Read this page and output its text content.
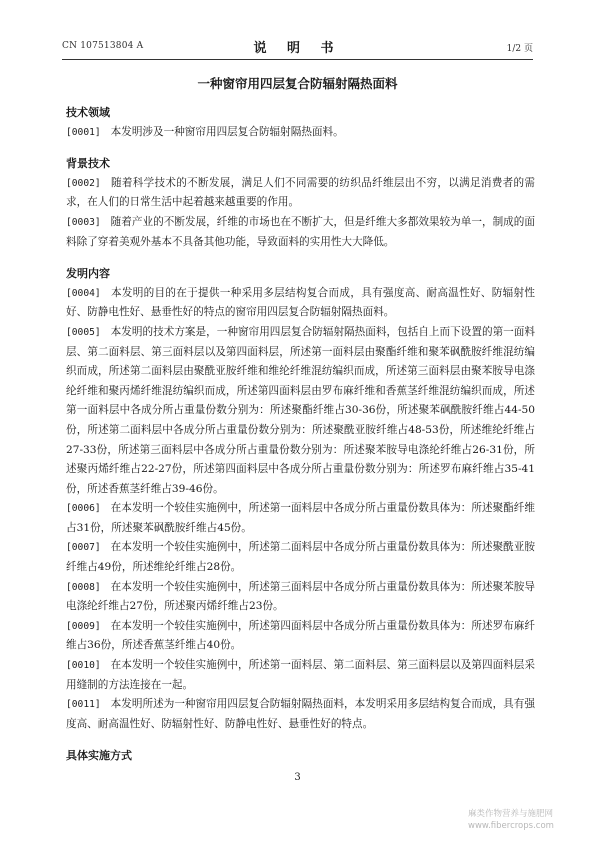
CN 107513804 A	说 明 书	1/2 页
一种窗帘用四层复合防辐射隔热面料
技术领域
[0001] 本发明涉及一种窗帘用四层复合防辐射隔热面料。
背景技术
[0002] 随着科学技术的不断发展，满足人们不同需要的纺织品纤维层出不穷，以满足消费者的需求，在人们的日常生活中起着越来越重要的作用。
[0003] 随着产业的不断发展，纤维的市场也在不断扩大，但是纤维大多都效果较为单一，制成的面料除了穿着美观外基本不具备其他功能，导致面料的实用性大大降低。
发明内容
[0004] 本发明的目的在于提供一种采用多层结构复合而成，具有强度高、耐高温性好、防辐射性好、防静电性好、悬垂性好的特点的窗帘用四层复合防辐射隔热面料。
[0005] 本发明的技术方案是，一种窗帘用四层复合防辐射隔热面料，包括自上而下设置的第一面料层、第二面料层、第三面料层以及第四面料层，所述第一面料层由聚酯纤维和聚苯砜酰胺纤维混纺编织而成，所述第二面料层由聚酰亚胺纤维和维纶纤维混纺编织而成，所述第三面料层由聚苯胺导电涤纶纤维和聚丙烯纤维混纺编织而成，所述第四面料层由罗布麻纤维和香蕉茎纤维混纺编织而成，所述第一面料层中各成分所占重量份数分别为：所述聚酯纤维占30-36份，所述聚苯砜酰胺纤维占44-50份，所述第二面料层中各成分所占重量份数分别为：所述聚酰亚胺纤维占48-53份，所述维纶纤维占27-33份，所述第三面料层中各成分所占重量份数分别为：所述聚苯胺导电涤纶纤维占26-31份，所述聚丙烯纤维占22-27份，所述第四面料层中各成分所占重量份数分别为：所述罗布麻纤维占35-41份，所述香蕉茎纤维占39-46份。
[0006] 在本发明一个较佳实施例中，所述第一面料层中各成分所占重量份数具体为：所述聚酯纤维占31份，所述聚苯砜酰胺纤维占45份。
[0007] 在本发明一个较佳实施例中，所述第二面料层中各成分所占重量份数具体为：所述聚酰亚胺纤维占49份，所述维纶纤维占28份。
[0008] 在本发明一个较佳实施例中，所述第三面料层中各成分所占重量份数具体为：所述聚苯胺导电涤纶纤维占27份，所述聚丙烯纤维占23份。
[0009] 在本发明一个较佳实施例中，所述第四面料层中各成分所占重量份数具体为：所述罗布麻纤维占36份，所述香蕉茎纤维占40份。
[0010] 在本发明一个较佳实施例中，所述第一面料层、第二面料层、第三面料层以及第四面料层采用缝制的方法连接在一起。
[0011] 本发明所述为一种窗帘用四层复合防辐射隔热面料，本发明采用多层结构复合而成，具有强度高、耐高温性好、防辐射性好、防静电性好、悬垂性好的特点。
具体实施方式
3
麻类作物营养与施肥网
www.fibercrops.com
